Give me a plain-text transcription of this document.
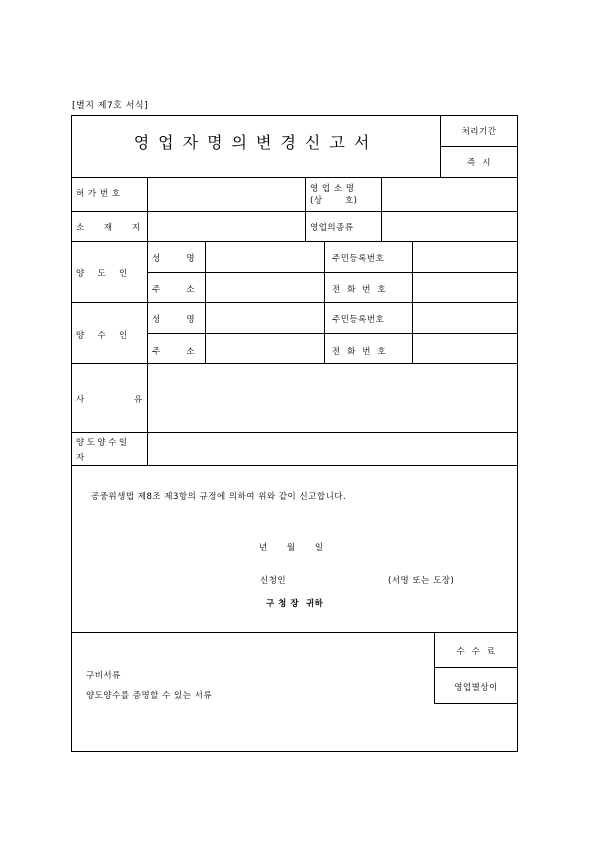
[별지 제7호 서식]
영업자명의변경신고서
처리기간
즉  시
허 가 번 호	영 업 소 명
(상       호)
소      재      지	영업의종류
양    도    인
성        명	주민등록번호
주        소	전  화  번  호
양    수    인
성        명	주민등록번호
주        소	전  화  번  호
사	유
양도양수일
자
공중위생법 제8조 제3항의 규정에 의하여 위와 같이 신고합니다.
년      월      일
신청인	(서명 또는 도장)
구 청 장  귀하
구비서류
양도양수를 증명할 수 있는 서류
수  수  료
영업별상이
